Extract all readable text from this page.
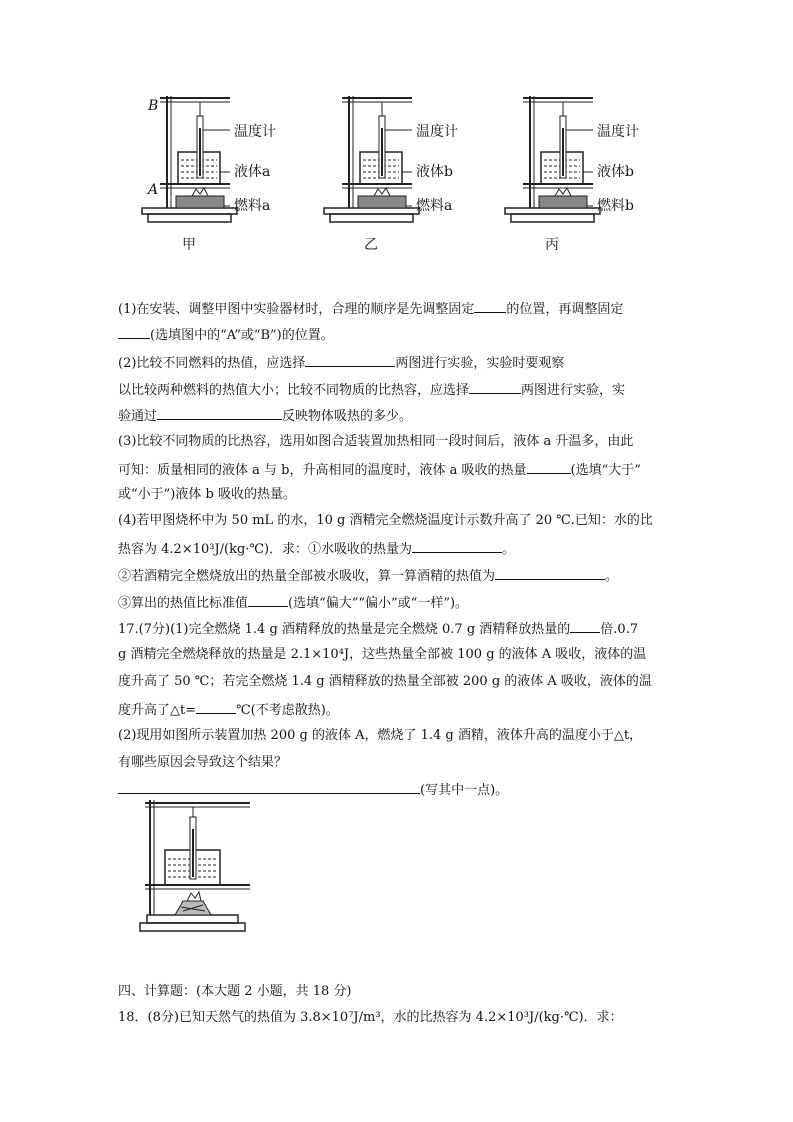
B
A
温度计
液体a
燃料a
甲
温度计
液体b
燃料a
乙
温度计
液体b
燃料b
丙
(1)在安装、调整甲图中实验器材时，合理的顺序是先调整固定 的位置，再调整固定
(选填图中的“A”或“B”)的位置。
(2)比较不同燃料的热值，应选择	两图进行实验，实验时要观察
以比较两种燃料的热值大小；比较不同物质的比热容，应选择	两图进行实验，实
验通过	反映物体吸热的多少。
(3)比较不同物质的比热容，选用如图合适装置加热相同一段时间后，液体 a 升温多，由此
可知：质量相同的液体 a 与 b，升高相同的温度时，液体 a 吸收的热量	(选填“大于”
或“小于”)液体 b 吸收的热量。
(4)若甲图烧杯中为 50 mL 的水，10 g 酒精完全燃烧温度计示数升高了 20 ℃.已知：水的比
热容为 4.2×10³J/(kg·℃)．求：①水吸收的热量为	。
②若酒精完全燃烧放出的热量全部被水吸收，算一算酒精的热值为	。
③算出的热值比标准值	(选填“偏大”“偏小”或“一样”)。
17.(7分)(1)完全燃烧 1.4 g 酒精释放的热量是完全燃烧 0.7 g 酒精释放热量的 倍.0.7
g 酒精完全燃烧释放的热量是 2.1×10⁴J，这些热量全部被 100 g 的液体 A 吸收，液体的温
度升高了 50 ℃；若完全燃烧 1.4 g 酒精释放的热量全部被 200 g 的液体 A 吸收，液体的温
度升高了△t=	℃(不考虑散热)。
(2)现用如图所示装置加热 200 g 的液体 A，燃烧了 1.4 g 酒精，液体升高的温度小于△t，
有哪些原因会导致这个结果？
(写其中一点)。
四、计算题：(本大题 2 小题，共 18 分)
18．(8分)已知天然气的热值为 3.8×10⁷J/m³，水的比热容为 4.2×10³J/(kg·℃)．求：
